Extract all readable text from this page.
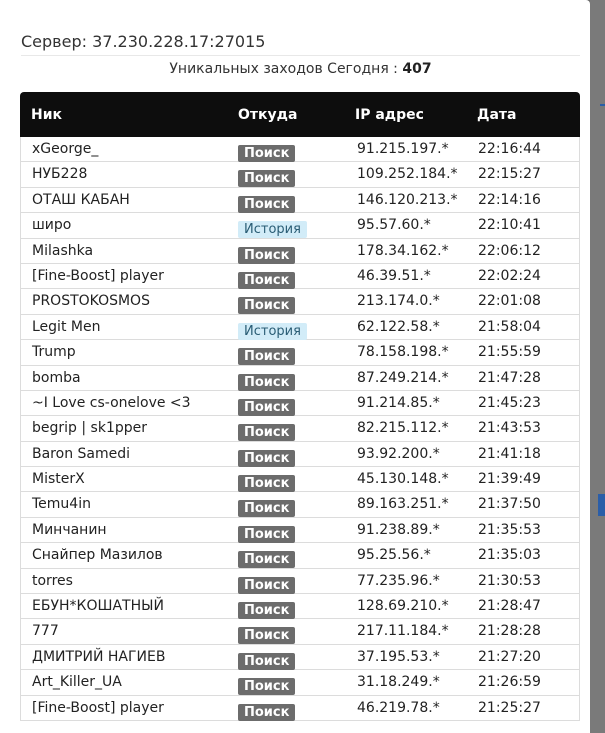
Сервер: 37.230.228.17:27015
Уникальных заходов Сегодня : 407
Ник	Откуда	IP адрес	Дата
xGeorge_	Поиск	91.215.197.* 22:16:44
НУБ228	Поиск	109.252.184.* 22:15:27
ОТАШ КАБАН	Поиск	146.120.213.* 22:14:16
широ	История	95.57.60.*	22:10:41
Milashka	Поиск	178.34.162.* 22:06:12
[Fine-Boost] player	Поиск	46.39.51.*	22:02:24
PROSTOKOSMOS	Поиск	213.174.0.*	22:01:08
Legit Men	История	62.122.58.*	21:58:04
Trump	Поиск	78.158.198.* 21:55:59
bomba	Поиск	87.249.214.* 21:47:28
~I Love cs-onelove <3	Поиск	91.214.85.*	21:45:23
begrip | sk1pper	Поиск	82.215.112.* 21:43:53
Baron Samedi	Поиск	93.92.200.*	21:41:18
MisterX	Поиск	45.130.148.* 21:39:49
Temu4in	Поиск	89.163.251.* 21:37:50
Минчанин	Поиск	91.238.89.*	21:35:53
Снайпер Мазилов	Поиск	95.25.56.*	21:35:03
torres	Поиск	77.235.96.*	21:30:53
ЕБУН*КОШАТНЫЙ	Поиск	128.69.210.* 21:28:47
777	Поиск	217.11.184.* 21:28:28
ДМИТРИЙ НАГИЕВ	Поиск	37.195.53.*	21:27:20
Art_Killer_UA	Поиск	31.18.249.*	21:26:59
[Fine-Boost] player	Поиск	46.219.78.*	21:25:27
